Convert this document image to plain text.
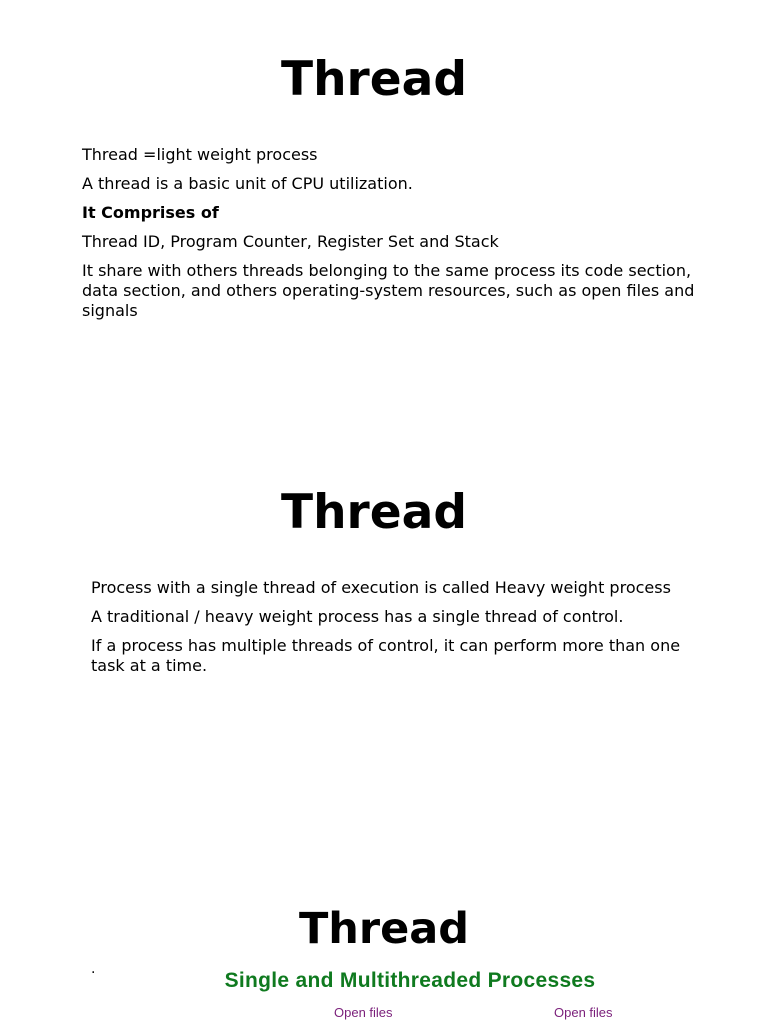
Thread
Thread =light weight process
A thread is a basic unit of CPU utilization.
It Comprises of
Thread ID, Program Counter, Register Set and Stack
It share with others threads belonging to the same process its code section, data section, and others operating-system resources, such as open files and signals
Thread
Process with a single thread of execution is called Heavy weight process
A traditional / heavy weight process has a single thread of control.
If a process has multiple threads of control, it can perform more than one task at a time.
Thread
.	Single and Multithreaded Processes
Open files	Open files
